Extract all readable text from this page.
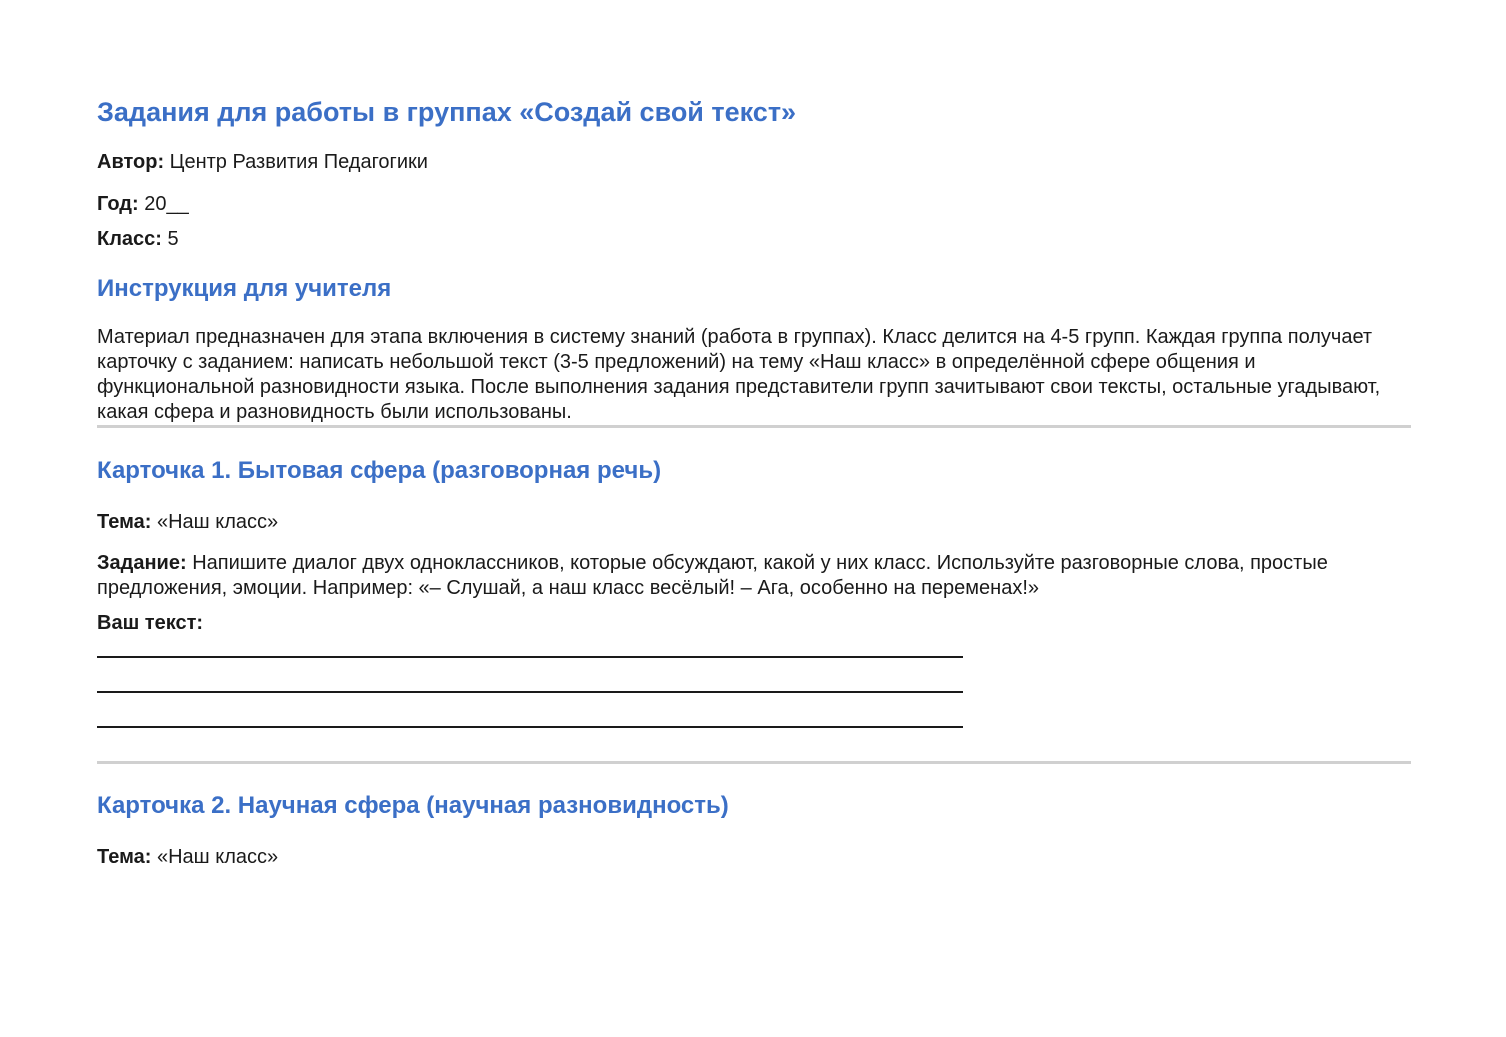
Задания для работы в группах «Создай свой текст»

Автор: Центр Развития Педагогики

Год: 20__

Класс: 5

Инструкция для учителя

Материал предназначен для этапа включения в систему знаний (работа в группах). Класс делится на 4-5 групп. Каждая группа получает карточку с заданием: написать небольшой текст (3-5 предложений) на тему «Наш класс» в определённой сфере общения и функциональной разновидности языка. После выполнения задания представители групп зачитывают свои тексты, остальные угадывают, какая сфера и разновидность были использованы.

Карточка 1. Бытовая сфера (разговорная речь)

Тема: «Наш класс»

Задание: Напишите диалог двух одноклассников, которые обсуждают, какой у них класс. Используйте разговорные слова, простые предложения, эмоции. Например: «– Слушай, а наш класс весёлый! – Ага, особенно на переменах!»

Ваш текст:

Карточка 2. Научная сфера (научная разновидность)

Тема: «Наш класс»
